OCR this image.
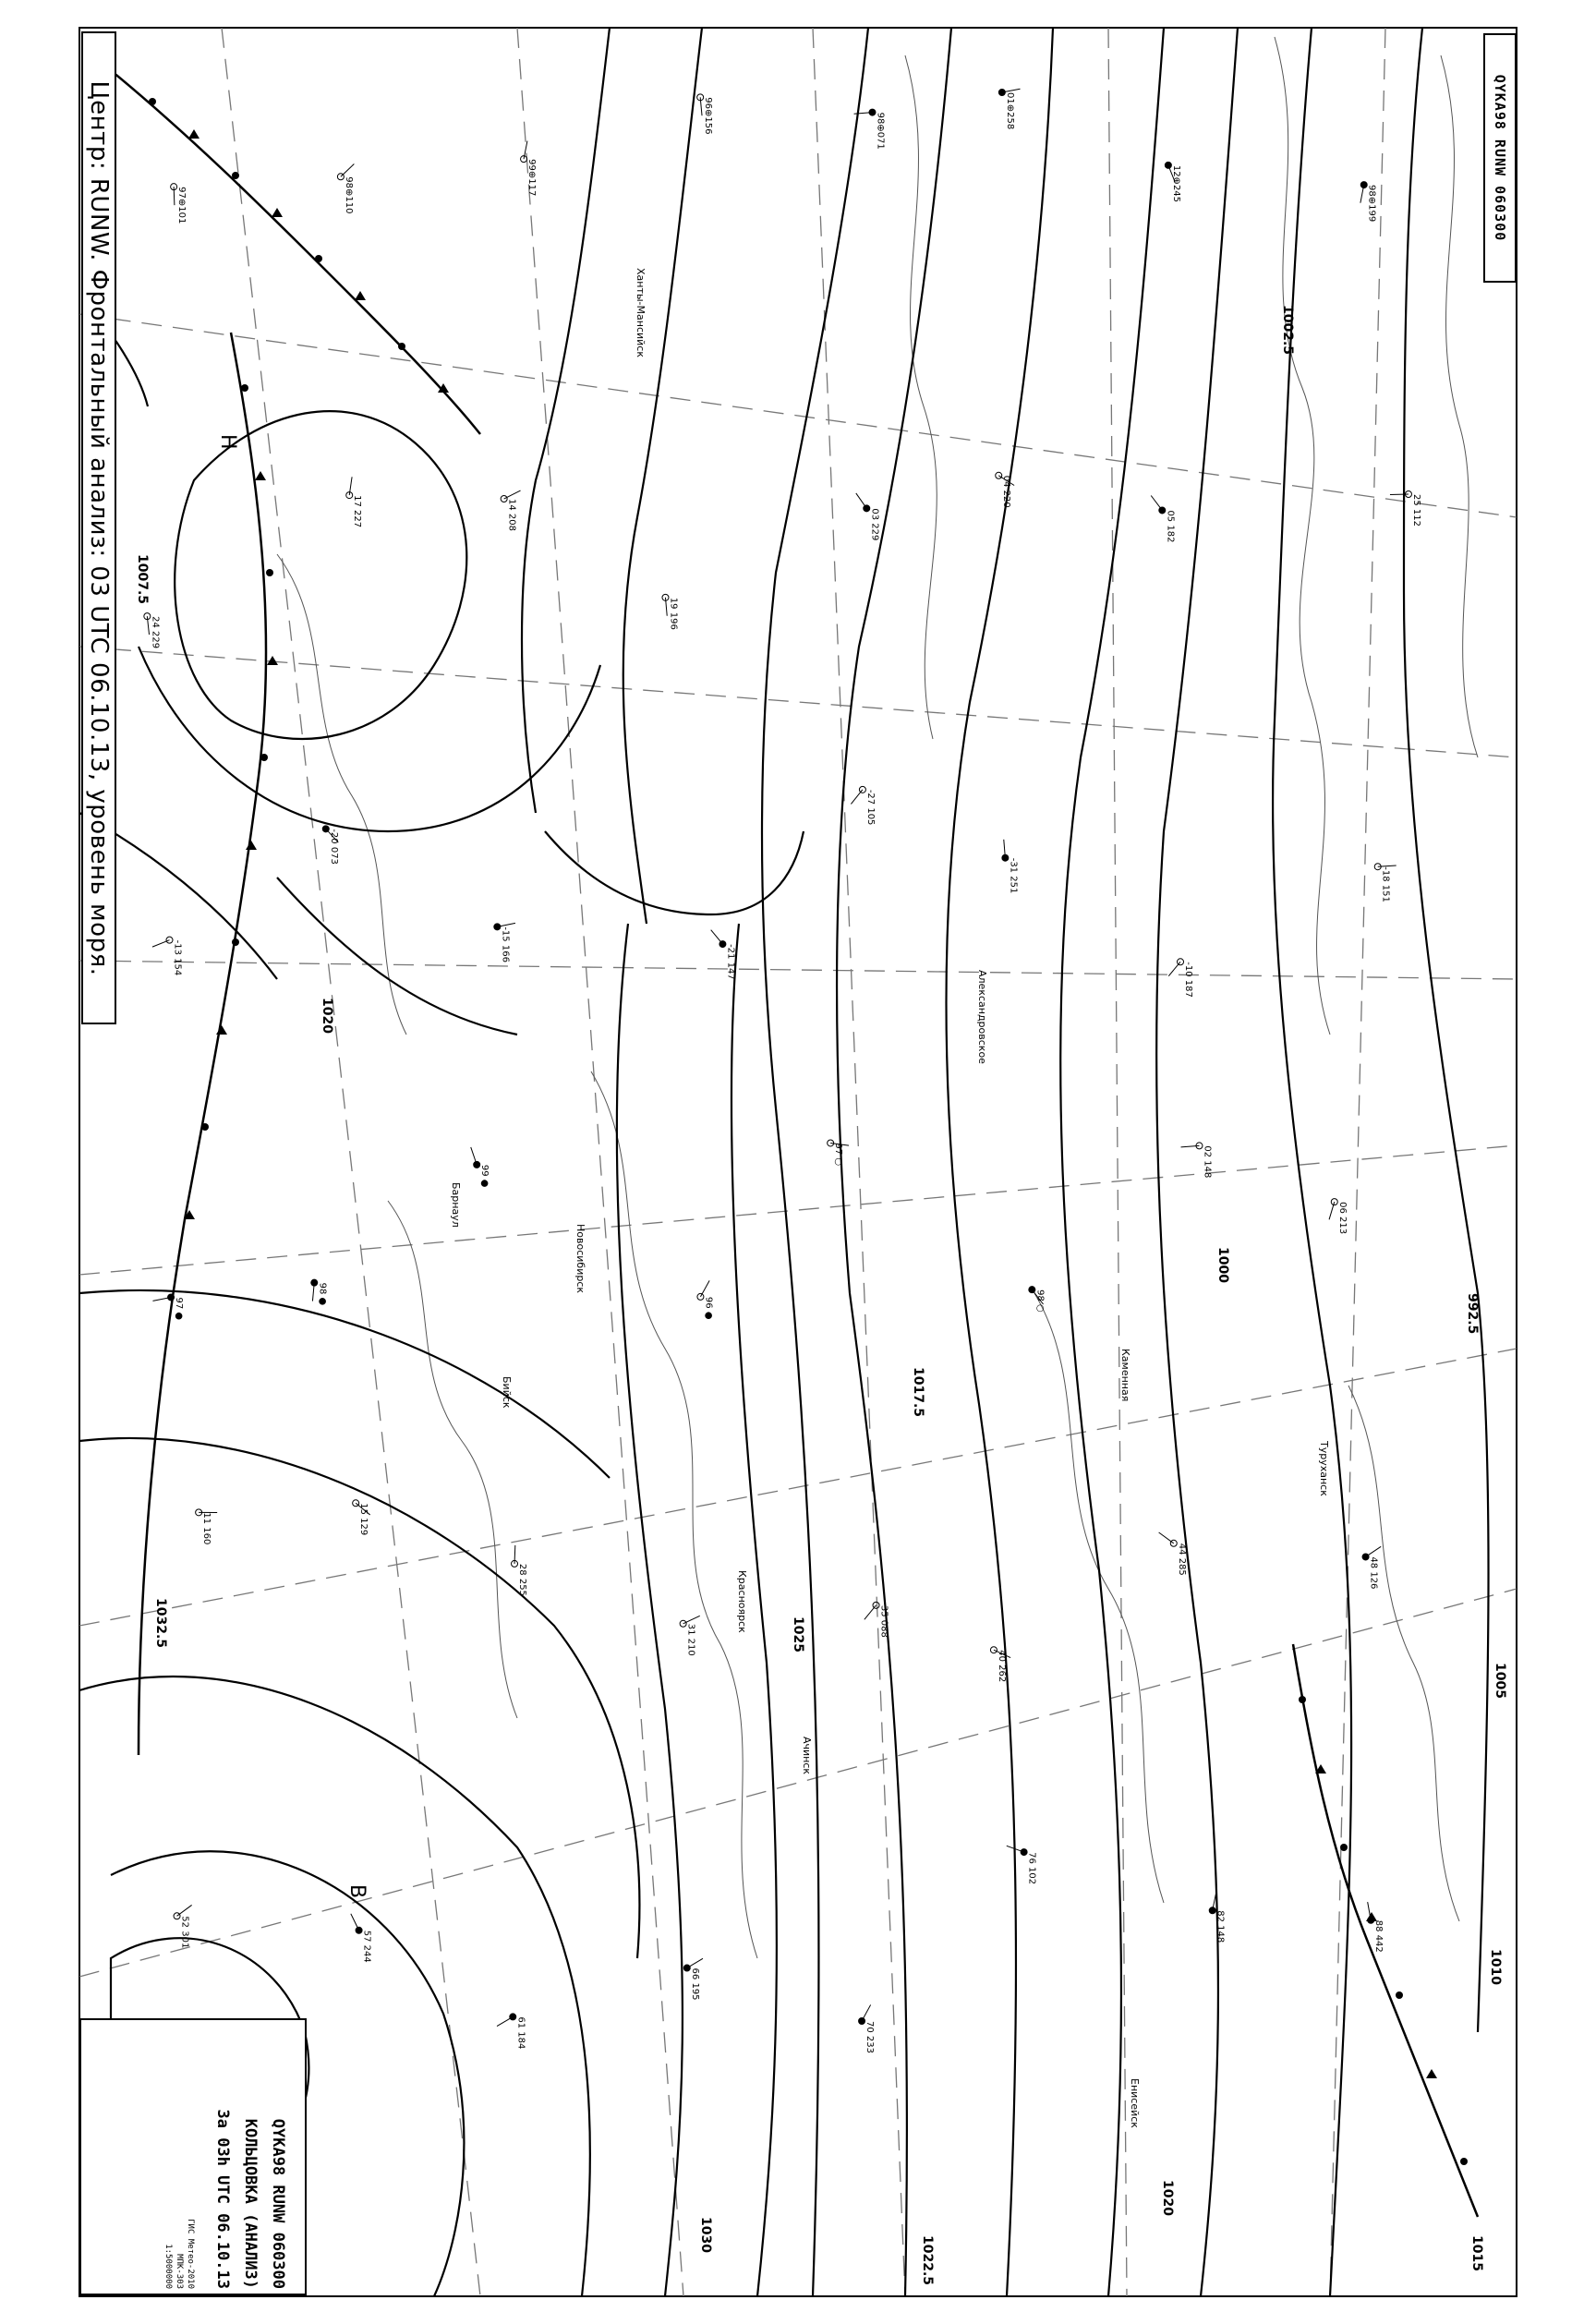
Н
В
1002.5
1007.5
1020
1017.5
1025
1032.5
1000
992.5
1010
1005
1015
1022.5
1030
1020
Александровское
Новосибирск
Красноярск
Каменная
Барнаул
Енисейск
Туруханск
Ханты-Мансийск
Бийск
Ачинск
97⊕101	98⊕110	99⊕117
96⊕156	98⊕071
01⊕258
12⊕245
98⊕199
24 229
17 227	14 208
19 196
03 229
04 220
05 182	25 112
-13 154
-20 073
-15 166	-21 147
-27 105
-31 251
-10 187
-18 151
97 ●
98 ●
99 ●
96 ●
97 ○
98 ○
02 148
06 213
11 160	15 129
28 255
31 210
35 088
40 262
44 285	48 126
52 301	57 244
61 184
66 195
70 233
76 102
82 148	88 442
Центр: RUNW. Фронтальный анализ: 03 UTC 06.10.13, уровень моря.	QYKA98 RUNW 060300
QYKA98 RUNW 060300
КОЛЬЦОВКА (АНАЛИЗ)
За 03h UTC 06.10.13
ГИС Метео-2010
МПК-303
1:5000000
